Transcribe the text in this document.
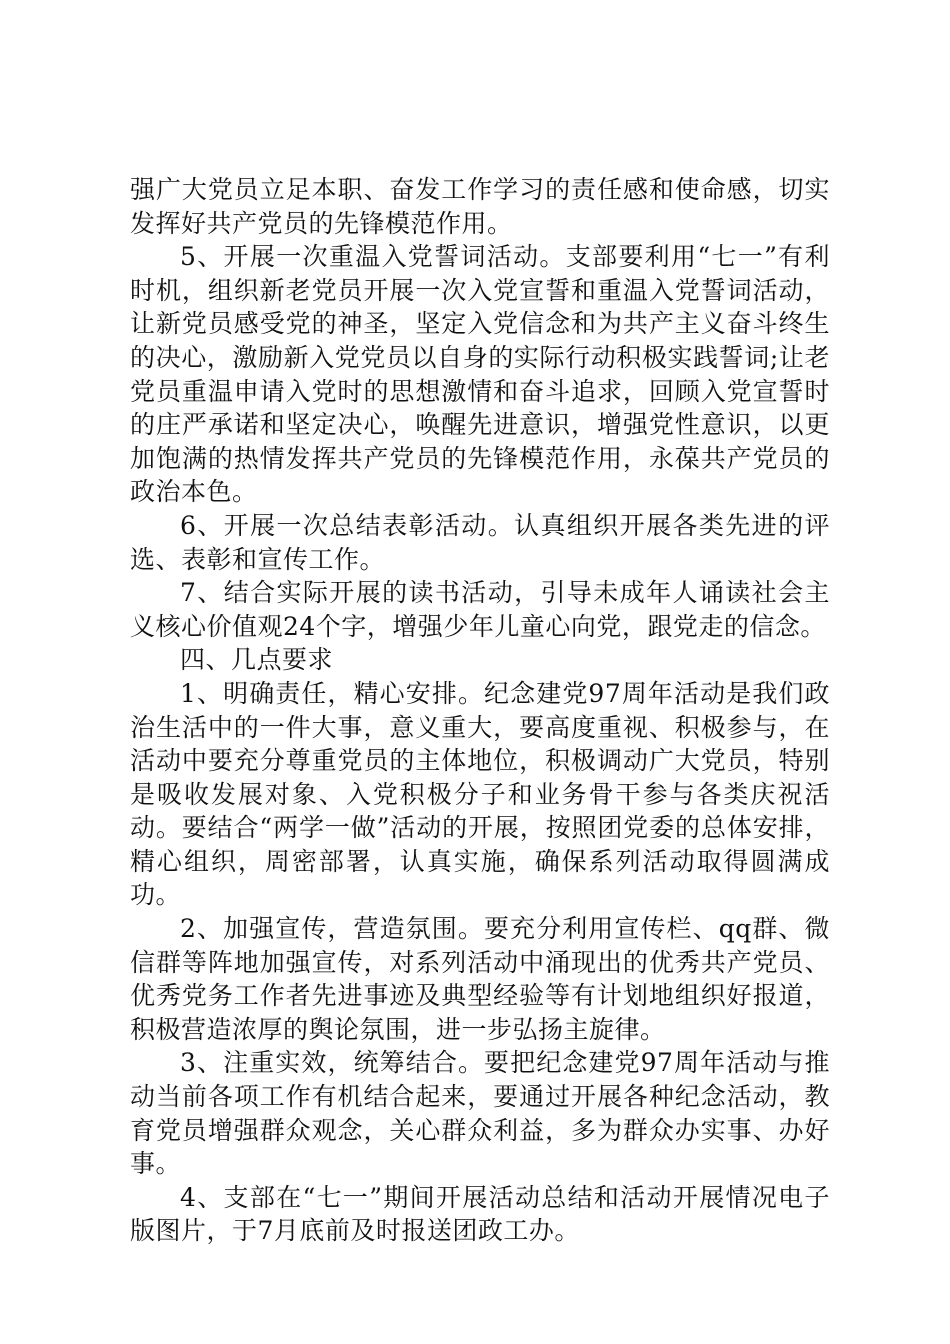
强广大党员立足本职、奋发工作学习的责任感和使命感，切实发挥好共产党员的先锋模范作用。

5、开展一次重温入党誓词活动。支部要利用“七一”有利时机，组织新老党员开展一次入党宣誓和重温入党誓词活动，让新党员感受党的神圣，坚定入党信念和为共产主义奋斗终生的决心，激励新入党党员以自身的实际行动积极实践誓词;让老党员重温申请入党时的思想激情和奋斗追求，回顾入党宣誓时的庄严承诺和坚定决心，唤醒先进意识，增强党性意识，以更加饱满的热情发挥共产党员的先锋模范作用，永葆共产党员的政治本色。

6、开展一次总结表彰活动。认真组织开展各类先进的评选、表彰和宣传工作。

7、结合实际开展的读书活动，引导未成年人诵读社会主义核心价值观24个字，增强少年儿童心向党，跟党走的信念。

四、几点要求

1、明确责任，精心安排。纪念建党97周年活动是我们政治生活中的一件大事，意义重大，要高度重视、积极参与，在活动中要充分尊重党员的主体地位，积极调动广大党员，特别是吸收发展对象、入党积极分子和业务骨干参与各类庆祝活动。要结合“两学一做”活动的开展，按照团党委的总体安排，精心组织，周密部署，认真实施，确保系列活动取得圆满成功。

2、加强宣传，营造氛围。要充分利用宣传栏、qq群、微信群等阵地加强宣传，对系列活动中涌现出的优秀共产党员、优秀党务工作者先进事迹及典型经验等有计划地组织好报道，积极营造浓厚的舆论氛围，进一步弘扬主旋律。

3、注重实效，统筹结合。要把纪念建党97周年活动与推动当前各项工作有机结合起来，要通过开展各种纪念活动，教育党员增强群众观念，关心群众利益，多为群众办实事、办好事。

4、支部在“七一”期间开展活动总结和活动开展情况电子版图片，于7月底前及时报送团政工办。
